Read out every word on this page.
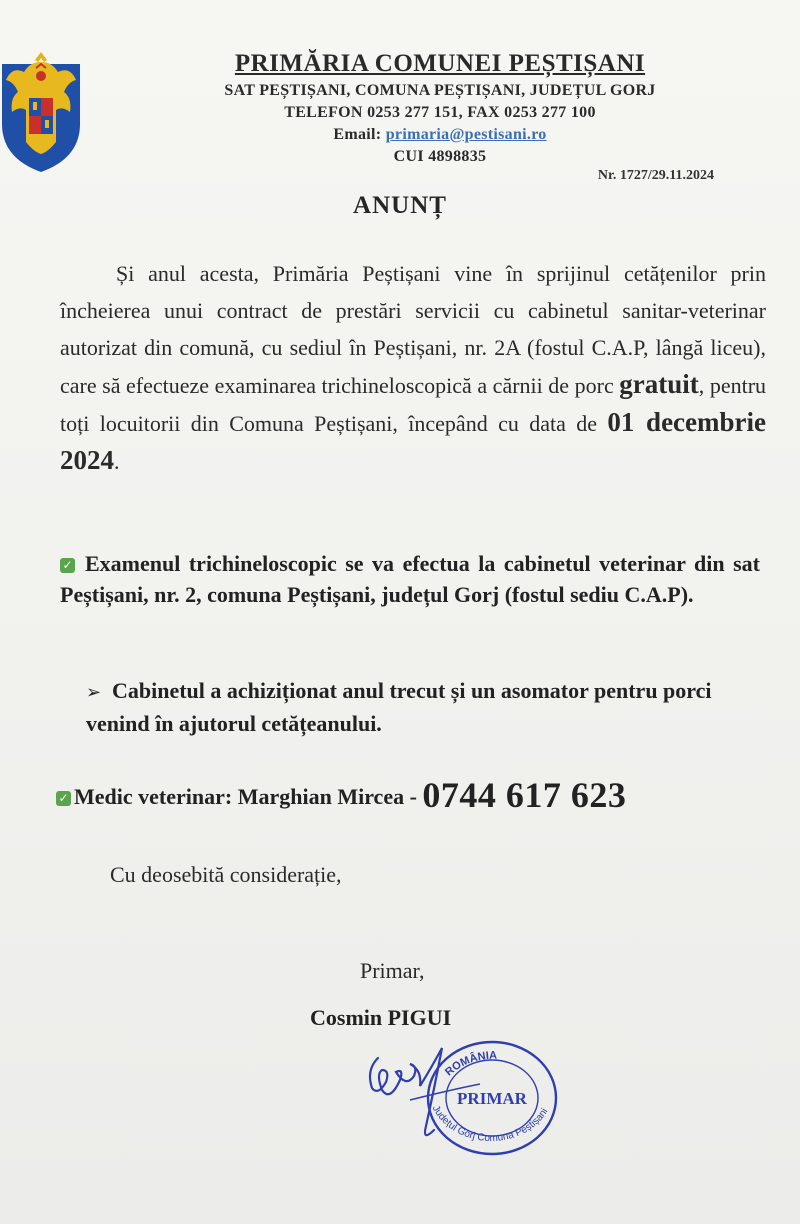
PRIMĂRIA COMUNEI PEȘTIȘANI
SAT PEȘTIȘANI, COMUNA PEȘTIȘANI, JUDEȚUL GORJ
TELEFON 0253 277 151, FAX 0253 277 100
Email: primaria@pestisani.ro
CUI 4898835
Nr. 1727/29.11.2024
ANUNȚ
Și anul acesta, Primăria Peștișani vine în sprijinul cetățenilor prin încheierea unui contract de prestări servicii cu cabinetul sanitar-veterinar autorizat din comună, cu sediul în Peștișani, nr. 2A (fostul C.A.P, lângă liceu), care să efectueze examinarea trichineloscopică a cărnii de porc gratuit, pentru toți locuitorii din Comuna Peștișani, începând cu data de 01 decembrie 2024.
✓ Examenul trichineloscopic se va efectua la cabinetul veterinar din sat Peștișani, nr. 2, comuna Peștișani, județul Gorj (fostul sediu C.A.P).
➢ Cabinetul a achiziționat anul trecut și un asomator pentru porci venind în ajutorul cetățeanului.
✓ Medic veterinar: Marghian Mircea - 0744 617 623
Cu deosebită considerație,
Primar,
Cosmin PIGUI
ROMÂNIA
PRIMAR
Județul Gorj Comuna Peștișani
